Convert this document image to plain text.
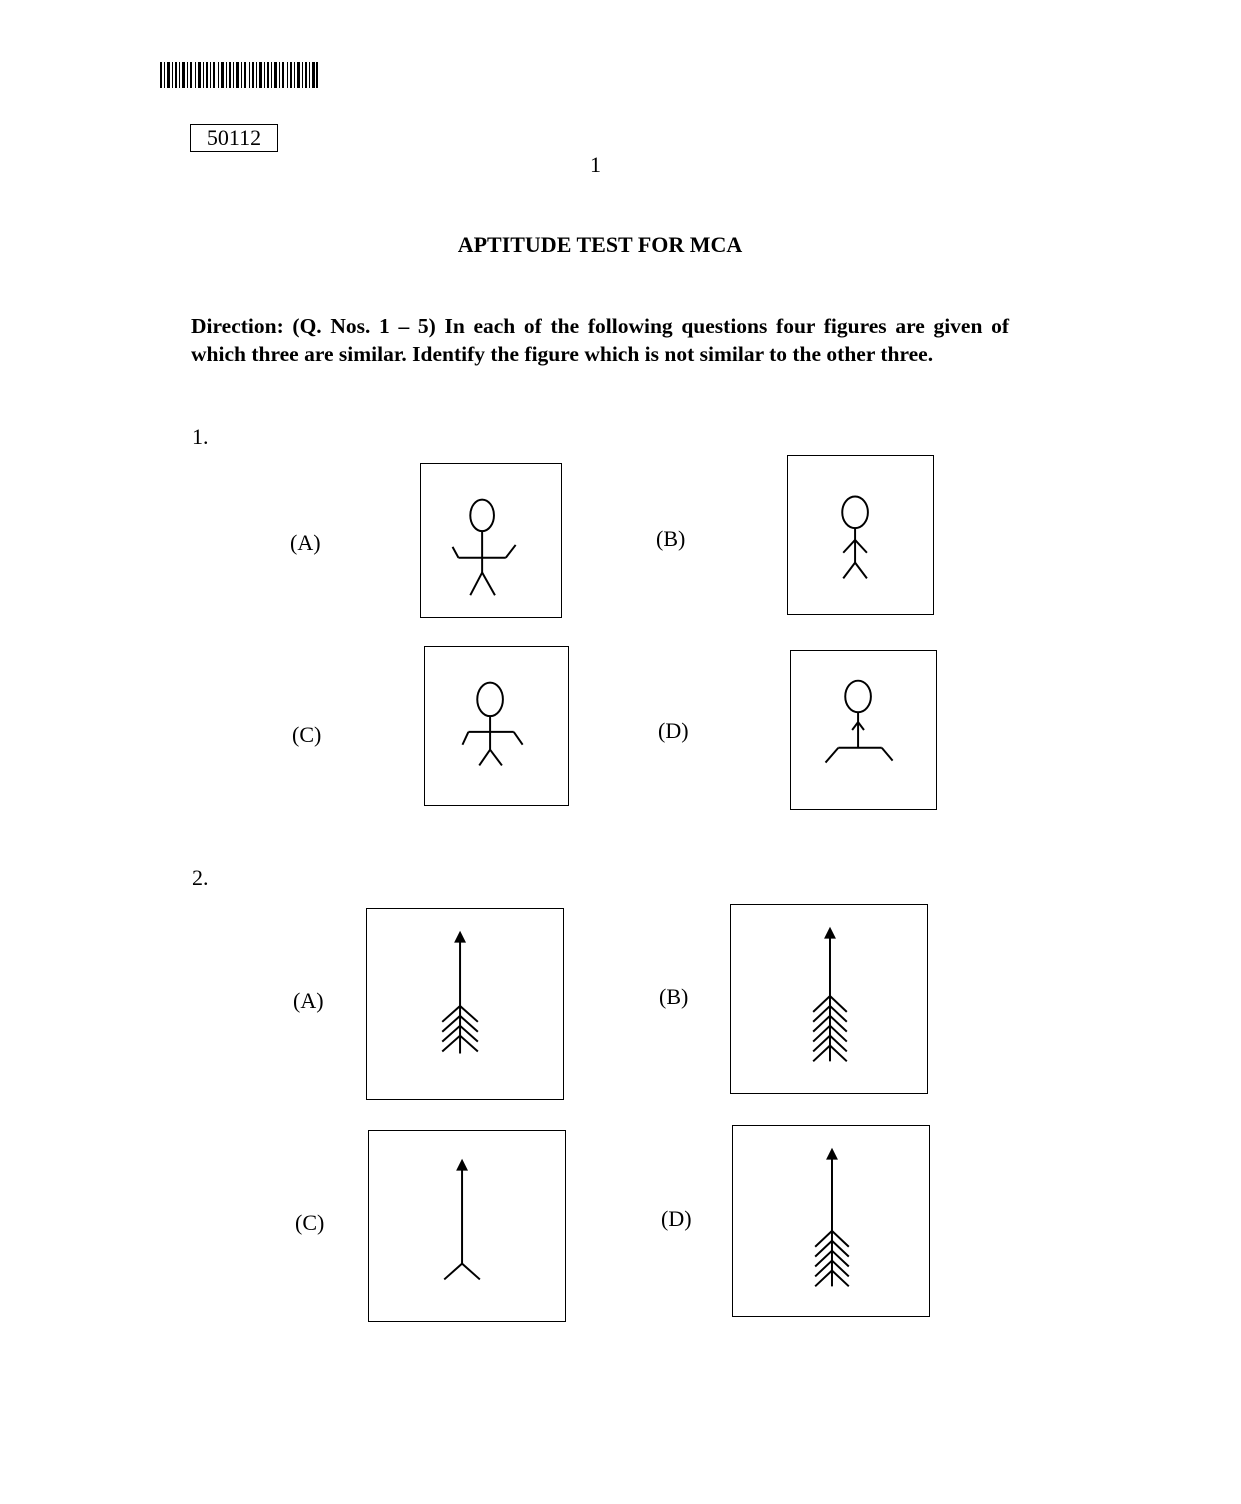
50112
1
APTITUDE TEST FOR MCA
Direction: (Q. Nos. 1 – 5) In each of the following questions four figures are given of which three are similar. Identify the figure which is not similar to the other three.
1.
(A)	(B)
(C)	(D)
2.
(A)	(B)
(C)	(D)
